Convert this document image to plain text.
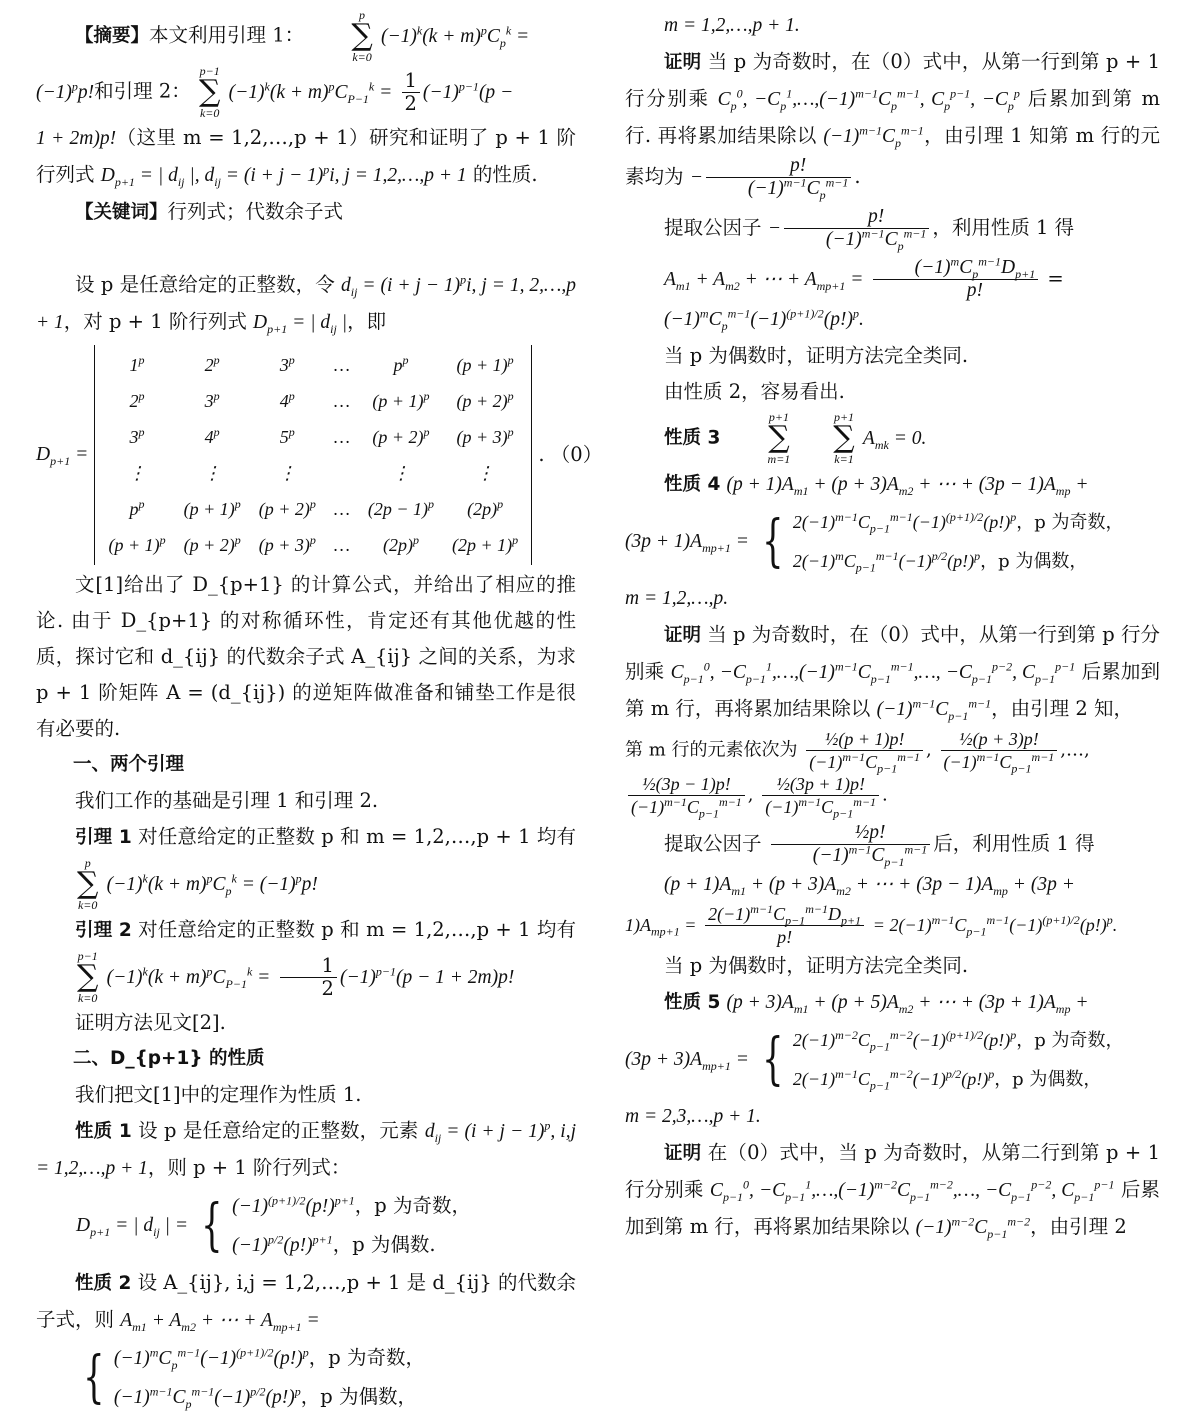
【摘要】本文利用引理 1：
p
∑
k=0
$(-1)^k(k + m)^pC_p^k$ =

$(-1)^pp$!和引理 2：
p−1
∑
k=0
$(-1)^k(k + m)^pC_{P-1}^k = \frac{1}{2} (-1)^{p-1}(p$ −

1 + 2m)p!（这里 m = 1,2,…,p + 1）研究和证明了 p + 1 阶行列式 $D_{p+1}$ = | $d_{ij}$ |, $d_{ij} = (i + j - 1)^pi$, j = 1,2,…,p + 1 的性质.

【关键词】行列式；代数余子式

设 p 是任意给定的正整数，令 $d_{ij} = (i + j - 1)^pi$, j = 1, 2,…,p + 1，对 p + 1 阶行列式 $D_{p+1}$ = | $d_{ij}$ |，即

$D_{p+1}$ =
1$^p$	2$^p$	3$^p$	…	$p^p$	$(p + 1)^p$
2$^p$	3$^p$	4$^p$	…	$(p + 1)^p$	$(p + 2)^p$
3$^p$	4$^p$	5$^p$	…	$(p + 2)^p$	$(p + 3)^p$
⋮	⋮	⋮		⋮	⋮
$p^p$	$(p + 1)^p$	$(p + 2)^p$	…	$(2p - 1)^p$	$(2p)^p$
$(p + 1)^p$	$(p + 2)^p$	$(p + 3)^p$	…	$(2p)^p$	$(2p + 1)^p$
. （0）

文[1]给出了 D_{p+1} 的计算公式，并给出了相应的推论. 由于 D_{p+1} 的对称循环性，肯定还有其他优越的性质，探讨它和 d_{ij} 的代数余子式 A_{ij} 之间的关系，为求 p + 1 阶矩阵 A = (d_{ij}) 的逆矩阵做准备和铺垫工作是很有必要的.

一、两个引理

我们工作的基础是引理 1 和引理 2.

引理 1 对任意给定的正整数 p 和 m = 1,2,…,p + 1 均有
p
∑
k=0
$(-1)^k(k + m)^pC_p^k = (-1)^pp$!

引理 2 对任意给定的正整数 p 和 m = 1,2,…,p + 1 均有
p−1
∑
k=0
$(-1)^k(k + m)^pC_{P-1}^k = \frac{1}{2} (-1)^{p-1}(p - 1 + 2m)p$!

证明方法见文[2].

二、D_{p+1} 的性质

我们把文[1]中的定理作为性质 1.

性质 1 设 p 是任意给定的正整数，元素 $d_{ij} = (i + j - 1)^p$, i,j = 1,2,…,p + 1，则 p + 1 阶行列式：

$D_{p+1}$ = | $d_{ij}$ | = { $(-1)^{(p+1)/2}(p!)^{p+1}$，p 为奇数，
$(-1)^{p/2}(p!)^{p+1}$，p 为偶数.

性质 2 设 A_{ij}, i,j = 1,2,…,p + 1 是 d_{ij} 的代数余子式，则 $A_{m1} + A_{m2}$ + ⋯ + $A_{mp+1}$ =

{ $(-1)^mC_p^{m-1}(-1)^{(p+1)/2}(p!)^p$，p 为奇数，
$(-1)^{m-1}C_p^{m-1}(-1)^{p/2}(p!)^p$，p 为偶数，

m = 1,2,…,p + 1.

证明 当 p 为奇数时，在（0）式中，从第一行到第 p + 1 行分别乘 $C_p^0$, $-C_p^1,\dots,(-1)^{m-1}C_p^{m-1}$, $C_p^{p-1}$, $-C_p^p$ 后累加到第 m 行. 再将累加结果除以 $(-1)^{m-1}C_p^{m-1}$，由引理 1 知第 m 行的元素均为 − $\frac{p!}{(-1)^{m-1}C_p^{m-1}}$ .

提取公因子 − $\frac{p!}{(-1)^{m-1}C_p^{m-1}}$ ，利用性质 1 得

$A_{m1} + A_{m2}$ + ⋯ + $A_{mp+1} = \frac{(-1)^mC_p^{m-1}D_{p+1}}{p!}$ =

$(-1)^mC_p^{m-1}(-1)^{(p+1)/2}(p!)^p$.

当 p 为偶数时，证明方法完全类同.

由性质 2，容易看出.

性质 3
p+1
∑
m=1
p+1
∑
k=1
$A_{mk} = 0$.

性质 4 $(p + 1)A_{m1} + (p + 3)A_{m2}$ + ⋯ + $(3p - 1)A_{mp}$ +

$(3p + 1)A_{mp+1}$ = { $2(-1)^{m-1}C_{p-1}^{m-1}(-1)^{(p+1)/2}(p!)^p$，p 为奇数，
$2(-1)^mC_{p-1}^{m-1}(-1)^{p/2}(p!)^p$，p 为偶数，

m = 1,2,…,p.

证明 当 p 为奇数时，在（0）式中，从第一行到第 p 行分别乘 $C_{p-1}^0$, $-C_{p-1}^1,\dots,(-1)^{m-1}C_{p-1}^{m-1},\dots$, $-C_{p-1}^{p-2}$, $C_{p-1}^{p-1}$ 后累加到第 m 行，再将累加结果除以 $(-1)^{m-1}C_{p-1}^{m-1}$，由引理 2 知，

第 m 行的元素依次为 $\frac{\text{½(p + 1)p!}}{(-1)^{m-1}C_{p-1}^{m-1}}$ , $\frac{\text{½(p + 3)p!}}{(-1)^{m-1}C_{p-1}^{m-1}}$ ,…,

$\frac{\text{½(3p − 1)p!}}{(-1)^{m-1}C_{p-1}^{m-1}}$ , $\frac{\text{½(3p + 1)p!}}{(-1)^{m-1}C_{p-1}^{m-1}}$ .

提取公因子 $\frac{\text{½p!}}{(-1)^{m-1}C_{p-1}^{m-1}}$ 后，利用性质 1 得

$(p + 1)A_{m1} + (p + 3)A_{m2}$ + ⋯ + $(3p - 1)A_{mp} + (3p$ +

$1)A_{mp+1} = \frac{2(-1)^{m-1}C_{p-1}^{m-1}D_{p+1}}{p!} = 2(-1)^{m-1}C_{p-1}^{m-1}(-1)^{(p+1)/2}(p!)^p$.

当 p 为偶数时，证明方法完全类同.

性质 5 $(p + 3)A_{m1} + (p + 5)A_{m2}$ + ⋯ + $(3p + 1)A_{mp}$ +

$(3p + 3)A_{mp+1}$ = { $2(-1)^{m-2}C_{p-1}^{m-2}(-1)^{(p+1)/2}(p!)^p$，p 为奇数，
$2(-1)^{m-1}C_{p-1}^{m-2}(-1)^{p/2}(p!)^p$，p 为偶数，

m = 2,3,…,p + 1.

证明 在（0）式中，当 p 为奇数时，从第二行到第 p + 1 行分别乘 $C_{p-1}^0$, $-C_{p-1}^1,\dots,(-1)^{m-2}C_{p-1}^{m-2},\dots$, $-C_{p-1}^{p-2}$, $C_{p-1}^{p-1}$ 后累加到第 m 行，再将累加结果除以 $(-1)^{m-2}C_{p-1}^{m-2}$，由引理 2
